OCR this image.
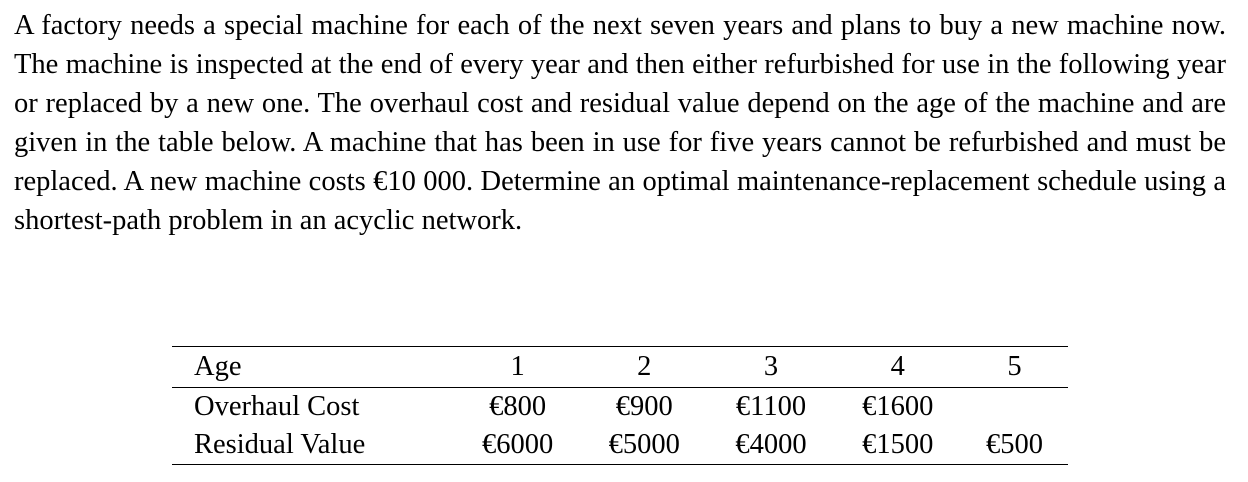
A factory needs a special machine for each of the next seven years and plans to buy a new machine now. The machine is inspected at the end of every year and then either refurbished for use in the following year or replaced by a new one. The overhaul cost and residual value depend on the age of the machine and are given in the table below. A machine that has been in use for five years cannot be refurbished and must be replaced. A new machine costs €10 000. Determine an optimal maintenance-replacement schedule using a shortest-path problem in an acyclic network.

Age	1	2	3	4	5
Overhaul Cost	€800	€900	€1100	€1600	
Residual Value	€6000	€5000	€4000	€1500	€500
